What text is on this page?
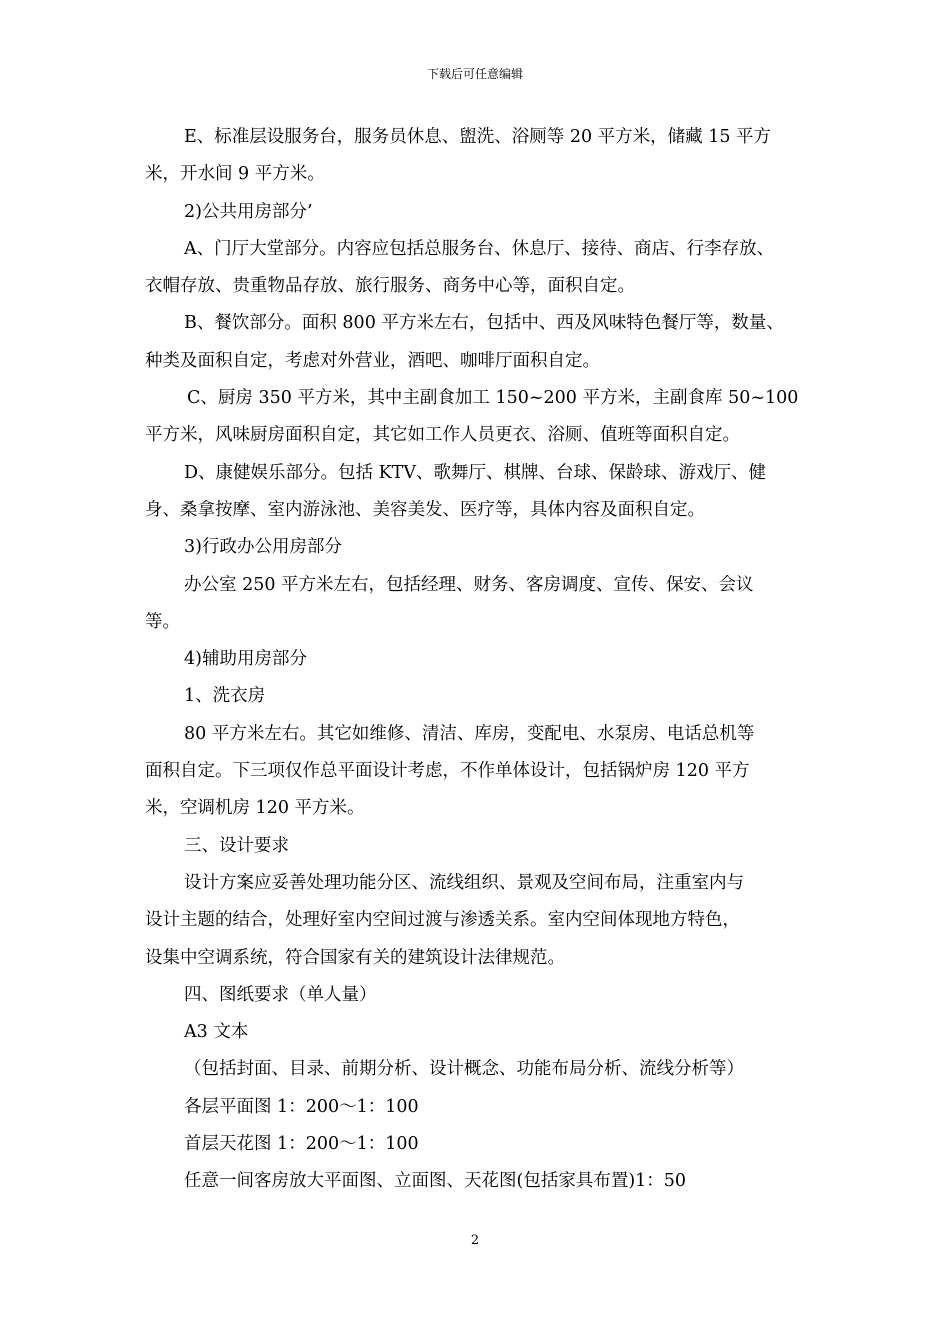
下载后可任意编辑
E、标准层设服务台，服务员休息、盥洗、浴厕等 20 平方米，储藏 15 平方
米，开水间 9 平方米。
2)公共用房部分’
A、门厅大堂部分。内容应包括总服务台、休息厅、接待、商店、行李存放、
衣帽存放、贵重物品存放、旅行服务、商务中心等，面积自定。
B、餐饮部分。面积 800 平方米左右，包括中、西及风味特色餐厅等，数量、
种类及面积自定，考虑对外营业，酒吧、咖啡厅面积自定。
C、厨房 350 平方米，其中主副食加工 150~200 平方米，主副食库 50~100
平方米，风味厨房面积自定，其它如工作人员更衣、浴厕、值班等面积自定。
D、康健娱乐部分。包括 KTV、歌舞厅、棋牌、台球、保龄球、游戏厅、健
身、桑拿按摩、室内游泳池、美容美发、医疗等，具体内容及面积自定。
3)行政办公用房部分
办公室 250 平方米左右，包括经理、财务、客房调度、宣传、保安、会议
等。
4)辅助用房部分
1、洗衣房
80 平方米左右。其它如维修、清洁、库房，变配电、水泵房、电话总机等
面积自定。下三项仅作总平面设计考虑，不作单体设计，包括锅炉房 120 平方
米，空调机房 120 平方米。
三、设计要求
设计方案应妥善处理功能分区、流线组织、景观及空间布局，注重室内与
设计主题的结合，处理好室内空间过渡与渗透关系。室内空间体现地方特色，
设集中空调系统，符合国家有关的建筑设计法律规范。
四、图纸要求（单人量）
A3 文本
（包括封面、目录、前期分析、设计概念、功能布局分析、流线分析等）
各层平面图 1：200～1：100
首层天花图 1：200～1：100
任意一间客房放大平面图、立面图、天花图(包括家具布置)1：50
2
